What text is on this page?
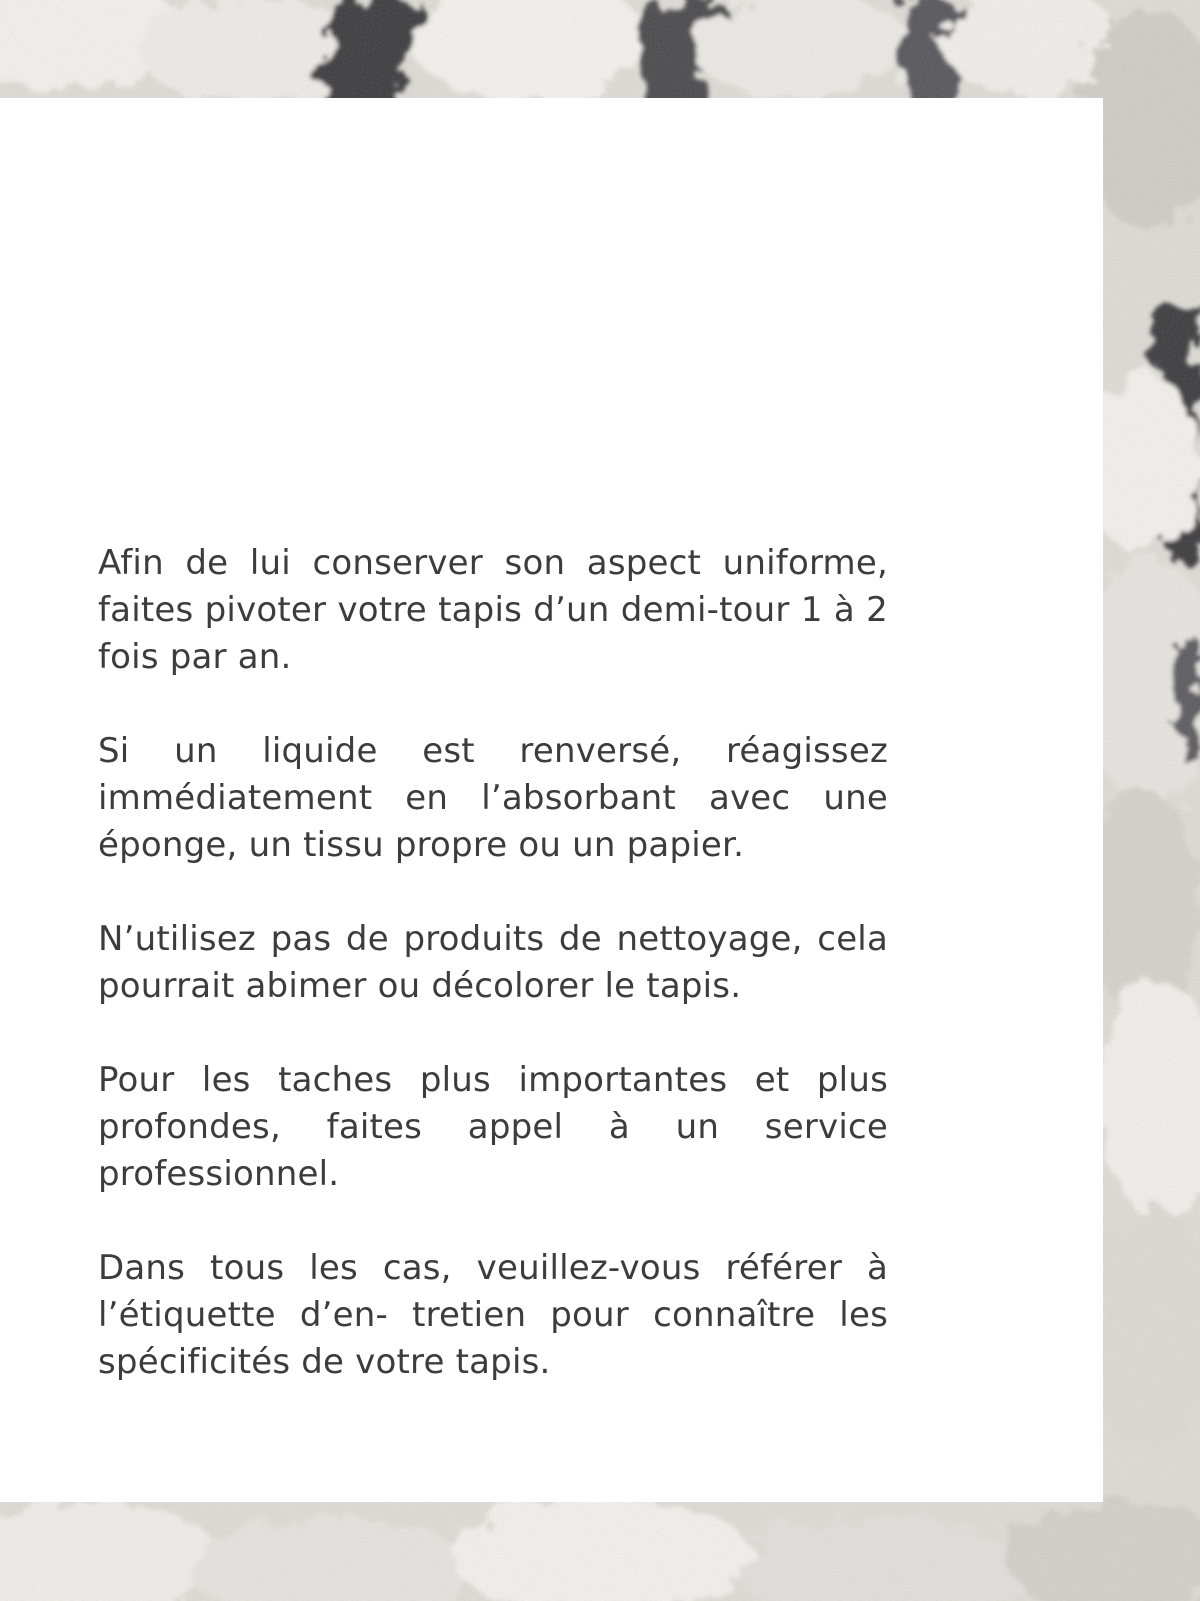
Afin de lui conserver son aspect uniforme, faites pivoter votre tapis d’un demi-tour 1 à 2 fois par an.

Si un liquide est renversé, réagissez immédiatement en l’absorbant avec une éponge, un tissu propre ou un papier.

N’utilisez pas de produits de nettoyage, cela pourrait abimer ou décolorer le tapis.

Pour les taches plus importantes et plus profondes, faites appel à un service professionnel.

Dans tous les cas, veuillez-vous référer à l’étiquette d’en- tretien pour connaître les spécificités de votre tapis.
